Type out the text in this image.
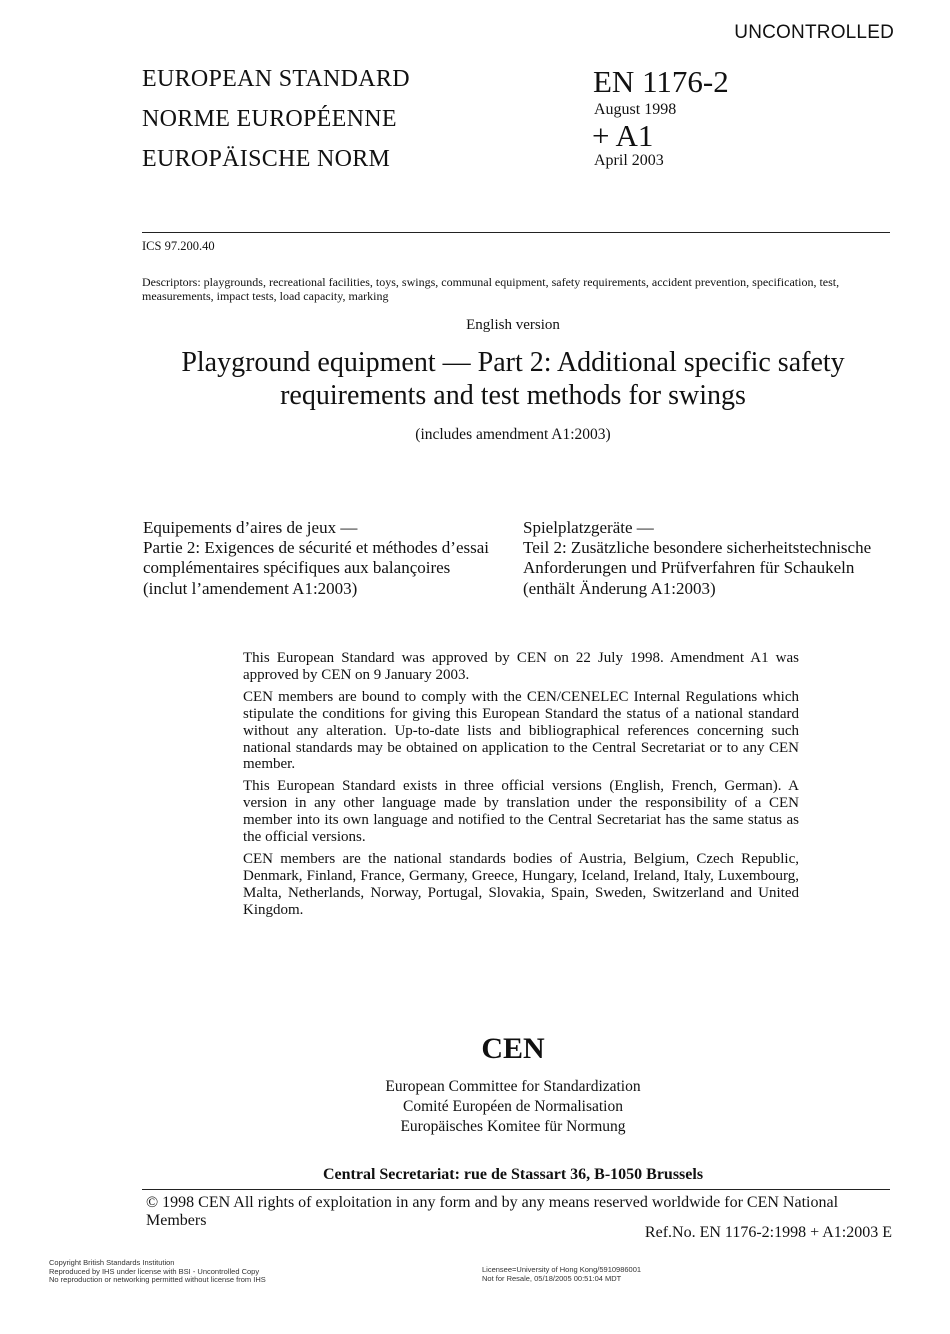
UNCONTROLLED
EUROPEAN STANDARD
NORME EUROPÉENNE
EUROPÄISCHE NORM
EN 1176-2
August 1998
+ A1
April 2003
ICS 97.200.40
Descriptors: playgrounds, recreational facilities, toys, swings, communal equipment, safety requirements, accident prevention, specification, test, measurements, impact tests, load capacity, marking
English version
Playground equipment — Part 2: Additional specific safety requirements and test methods for swings
(includes amendment A1:2003)
Equipements d’aires de jeux —
Partie 2: Exigences de sécurité et méthodes d’essai complémentaires spécifiques aux balançoires
(inclut l’amendement A1:2003)
Spielplatzgeräte —
Teil 2: Zusätzliche besondere sicherheitstechnische Anforderungen und Prüfverfahren für Schaukeln
(enthält Änderung A1:2003)

This European Standard was approved by CEN on 22 July 1998. Amendment A1 was approved by CEN on 9 January 2003.

CEN members are bound to comply with the CEN/CENELEC Internal Regulations which stipulate the conditions for giving this European Standard the status of a national standard without any alteration. Up-to-date lists and bibliographical references concerning such national standards may be obtained on application to the Central Secretariat or to any CEN member.

This European Standard exists in three official versions (English, French, German). A version in any other language made by translation under the responsibility of a CEN member into its own language and notified to the Central Secretariat has the same status as the official versions.

CEN members are the national standards bodies of Austria, Belgium, Czech Republic, Denmark, Finland, France, Germany, Greece, Hungary, Iceland, Ireland, Italy, Luxembourg, Malta, Netherlands, Norway, Portugal, Slovakia, Spain, Sweden, Switzerland and United Kingdom.

CEN
European Committee for Standardization
Comité Européen de Normalisation
Europäisches Komitee für Normung
Central Secretariat: rue de Stassart 36, B-1050 Brussels
© 1998 CEN All rights of exploitation in any form and by any means reserved worldwide for CEN National Members
Ref.No. EN 1176-2:1998 + A1:2003 E
Copyright British Standards Institution
Reproduced by IHS under license with BSI - Uncontrolled Copy
No reproduction or networking permitted without license from IHS
Licensee=University of Hong Kong/5910986001
Not for Resale, 05/18/2005 00:51:04 MDT
